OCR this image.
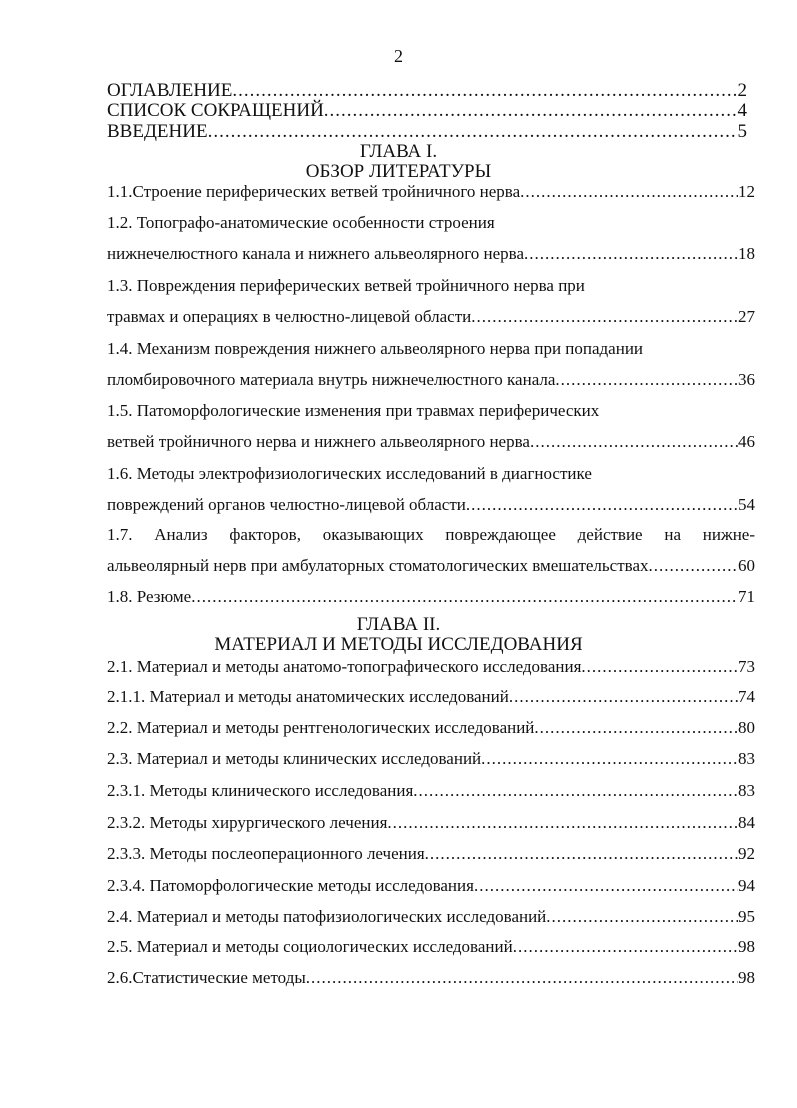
2
ОГЛАВЛЕНИЕ .....	2
СПИСОК СОКРАЩЕНИЙ .....	4
ВВЕДЕНИЕ .....	5
ГЛАВА I.
ОБЗОР ЛИТЕРАТУРЫ
1.1.Строение периферических ветвей тройничного нерва .....	12
1.2. Топографо-анатомические особенности строения
нижнечелюстного канала и нижнего альвеолярного нерва .....	18
1.3. Повреждения периферических ветвей тройничного нерва при
травмах и операциях в челюстно-лицевой области .....	27
1.4. Механизм повреждения нижнего альвеолярного нерва при попадании
пломбировочного материала внутрь нижнечелюстного канала .....	36
1.5. Патоморфологические изменения при травмах периферических
ветвей тройничного нерва и нижнего альвеолярного нерва .....	46
1.6. Методы электрофизиологических исследований в диагностике
повреждений органов челюстно-лицевой области .....	54
1.7. Анализ факторов, оказывающих повреждающее действие на нижне-
альвеолярный нерв при амбулаторных стоматологических вмешательствах .....	60
1.8. Резюме .....	71
ГЛАВА II.
МАТЕРИАЛ И МЕТОДЫ ИССЛЕДОВАНИЯ
2.1. Материал и методы анатомо-топографического исследования .....	73
2.1.1. Материал и методы анатомических исследований .....	74
2.2. Материал и методы рентгенологических исследований .....	80
2.3. Материал и методы клинических исследований .....	83
2.3.1. Методы клинического исследования .....	83
2.3.2. Методы хирургического лечения .....	84
2.3.3. Методы послеоперационного лечения .....	92
2.3.4. Патоморфологические методы исследования .....	94
2.4. Материал и методы патофизиологических исследований .....	95
2.5. Материал и методы социологических исследований .....	98
2.6.Статистические методы .....	98
